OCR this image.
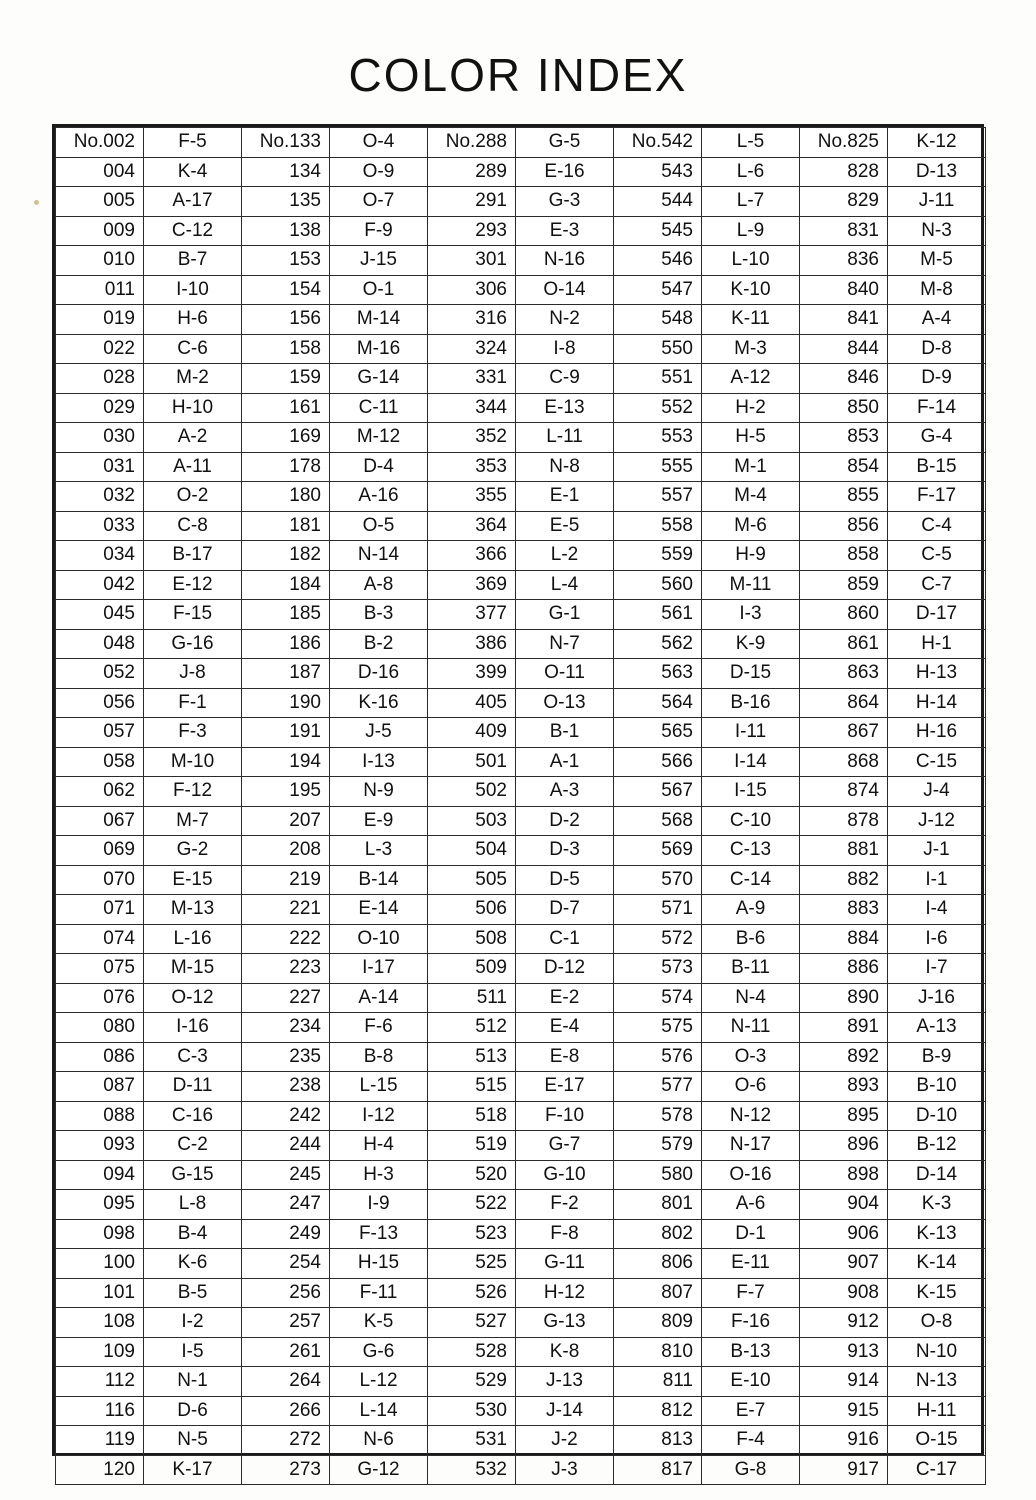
COLOR INDEX
No.002	F-5	No.133	O-4	No.288	G-5	No.542	L-5	No.825	K-12
004	K-4	134	O-9	289	E-16	543	L-6	828	D-13
005	A-17	135	O-7	291	G-3	544	L-7	829	J-11
009	C-12	138	F-9	293	E-3	545	L-9	831	N-3
010	B-7	153	J-15	301	N-16	546	L-10	836	M-5
011	I-10	154	O-1	306	O-14	547	K-10	840	M-8
019	H-6	156	M-14	316	N-2	548	K-11	841	A-4
022	C-6	158	M-16	324	I-8	550	M-3	844	D-8
028	M-2	159	G-14	331	C-9	551	A-12	846	D-9
029	H-10	161	C-11	344	E-13	552	H-2	850	F-14
030	A-2	169	M-12	352	L-11	553	H-5	853	G-4
031	A-11	178	D-4	353	N-8	555	M-1	854	B-15
032	O-2	180	A-16	355	E-1	557	M-4	855	F-17
033	C-8	181	O-5	364	E-5	558	M-6	856	C-4
034	B-17	182	N-14	366	L-2	559	H-9	858	C-5
042	E-12	184	A-8	369	L-4	560	M-11	859	C-7
045	F-15	185	B-3	377	G-1	561	I-3	860	D-17
048	G-16	186	B-2	386	N-7	562	K-9	861	H-1
052	J-8	187	D-16	399	O-11	563	D-15	863	H-13
056	F-1	190	K-16	405	O-13	564	B-16	864	H-14
057	F-3	191	J-5	409	B-1	565	I-11	867	H-16
058	M-10	194	I-13	501	A-1	566	I-14	868	C-15
062	F-12	195	N-9	502	A-3	567	I-15	874	J-4
067	M-7	207	E-9	503	D-2	568	C-10	878	J-12
069	G-2	208	L-3	504	D-3	569	C-13	881	J-1
070	E-15	219	B-14	505	D-5	570	C-14	882	I-1
071	M-13	221	E-14	506	D-7	571	A-9	883	I-4
074	L-16	222	O-10	508	C-1	572	B-6	884	I-6
075	M-15	223	I-17	509	D-12	573	B-11	886	I-7
076	O-12	227	A-14	511	E-2	574	N-4	890	J-16
080	I-16	234	F-6	512	E-4	575	N-11	891	A-13
086	C-3	235	B-8	513	E-8	576	O-3	892	B-9
087	D-11	238	L-15	515	E-17	577	O-6	893	B-10
088	C-16	242	I-12	518	F-10	578	N-12	895	D-10
093	C-2	244	H-4	519	G-7	579	N-17	896	B-12
094	G-15	245	H-3	520	G-10	580	O-16	898	D-14
095	L-8	247	I-9	522	F-2	801	A-6	904	K-3
098	B-4	249	F-13	523	F-8	802	D-1	906	K-13
100	K-6	254	H-15	525	G-11	806	E-11	907	K-14
101	B-5	256	F-11	526	H-12	807	F-7	908	K-15
108	I-2	257	K-5	527	G-13	809	F-16	912	O-8
109	I-5	261	G-6	528	K-8	810	B-13	913	N-10
112	N-1	264	L-12	529	J-13	811	E-10	914	N-13
116	D-6	266	L-14	530	J-14	812	E-7	915	H-11
119	N-5	272	N-6	531	J-2	813	F-4	916	O-15
120	K-17	273	G-12	532	J-3	817	G-8	917	C-17
